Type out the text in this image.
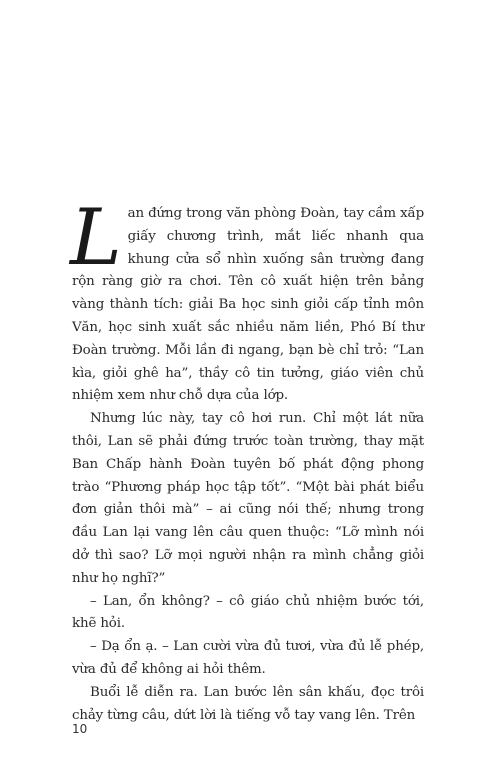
Lan đứng trong văn phòng Đoàn, tay cầm xấp giấy chương trình, mắt liếc nhanh qua khung cửa sổ nhìn xuống sân trường đang rộn ràng giờ ra chơi. Tên cô xuất hiện trên bảng vàng thành tích: giải Ba học sinh giỏi cấp tỉnh môn Văn, học sinh xuất sắc nhiều năm liền, Phó Bí thư Đoàn trường. Mỗi lần đi ngang, bạn bè chỉ trỏ: “Lan kìa, giỏi ghê ha”, thầy cô tin tưởng, giáo viên chủ nhiệm xem như chỗ dựa của lớp.

Nhưng lúc này, tay cô hơi run. Chỉ một lát nữa thôi, Lan sẽ phải đứng trước toàn trường, thay mặt Ban Chấp hành Đoàn tuyên bố phát động phong trào “Phương pháp học tập tốt”. “Một bài phát biểu đơn giản thôi mà” – ai cũng nói thế; nhưng trong đầu Lan lại vang lên câu quen thuộc: “Lỡ mình nói dở thì sao? Lỡ mọi người nhận ra mình chẳng giỏi như họ nghĩ?”

– Lan, ổn không? – cô giáo chủ nhiệm bước tới, khẽ hỏi.

– Dạ ổn ạ. – Lan cười vừa đủ tươi, vừa đủ lễ phép, vừa đủ để không ai hỏi thêm.

Buổi lễ diễn ra. Lan bước lên sân khấu, đọc trôi chảy từng câu, dứt lời là tiếng vỗ tay vang lên. Trên

10
